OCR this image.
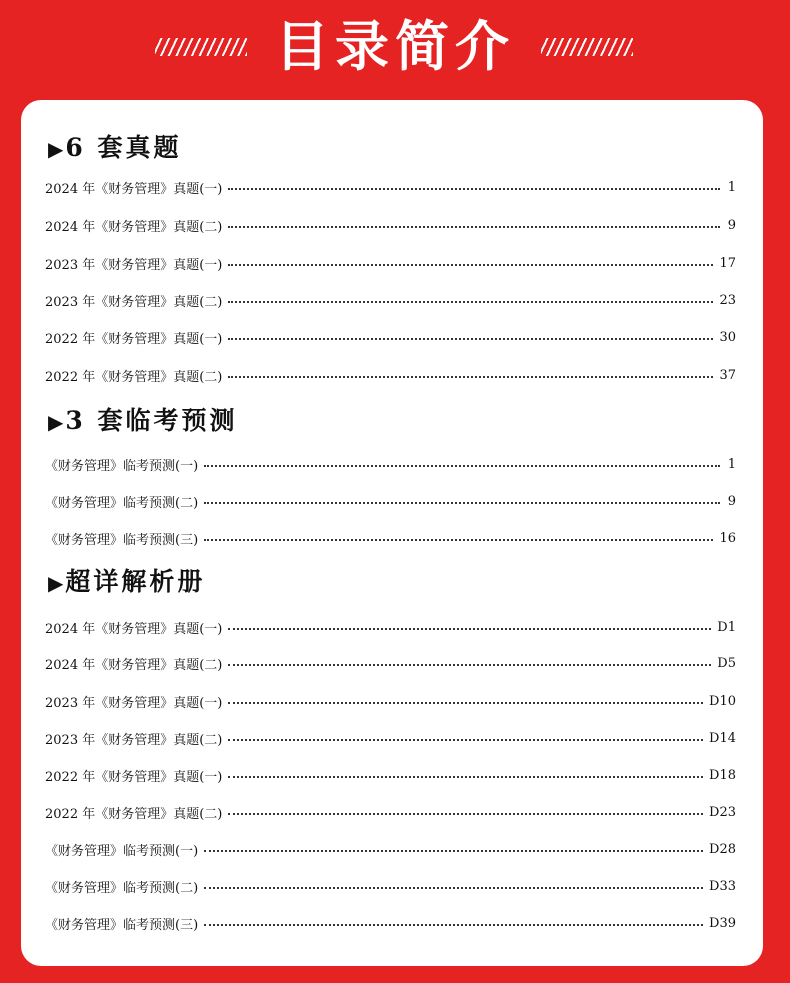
目录简介
▶6 套真题
2024 年《财务管理》真题(一)	1
2024 年《财务管理》真题(二)	9
2023 年《财务管理》真题(一)	17
2023 年《财务管理》真题(二)	23
2022 年《财务管理》真题(一)	30
2022 年《财务管理》真题(二)	37
▶3 套临考预测
《财务管理》临考预测(一)	1
《财务管理》临考预测(二)	9
《财务管理》临考预测(三)	16
▶超详解析册
2024 年《财务管理》真题(一)	D1
2024 年《财务管理》真题(二)	D5
2023 年《财务管理》真题(一)	D10
2023 年《财务管理》真题(二)	D14
2022 年《财务管理》真题(一)	D18
2022 年《财务管理》真题(二)	D23
《财务管理》临考预测(一)	D28
《财务管理》临考预测(二)	D33
《财务管理》临考预测(三)	D39
